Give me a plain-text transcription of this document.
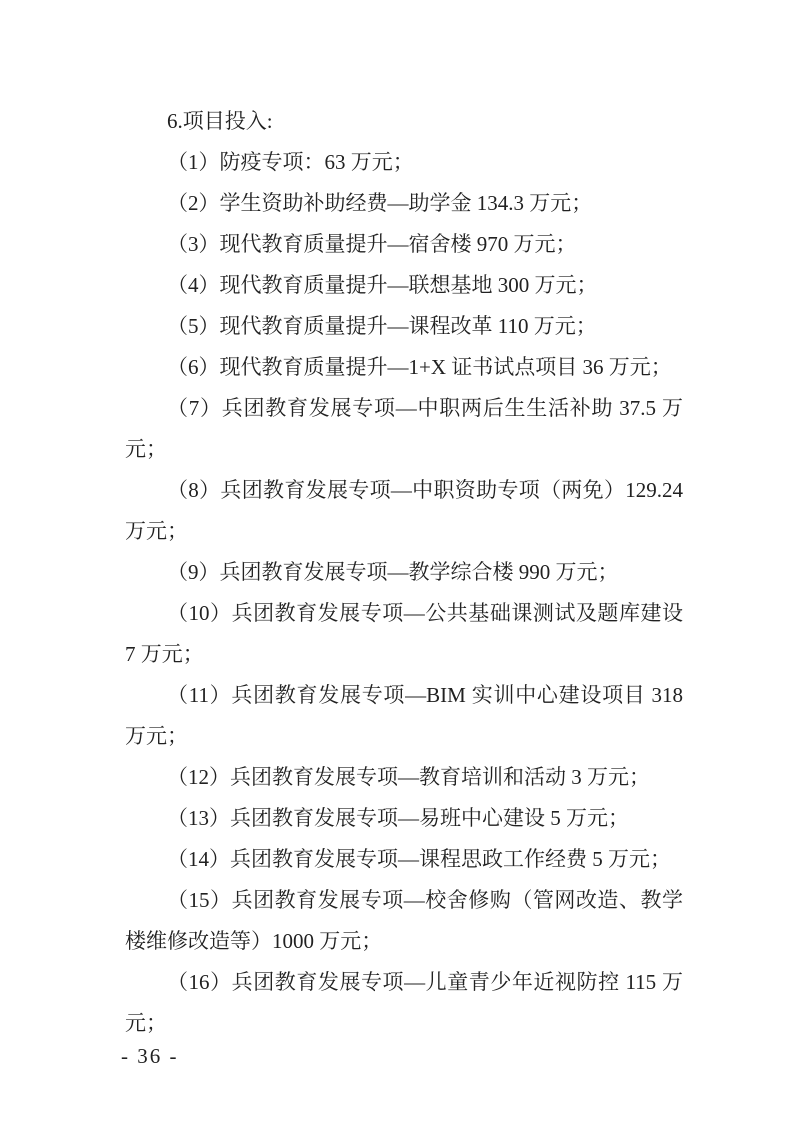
6.项目投入:

（1）防疫专项：63 万元；

（2）学生资助补助经费—助学金 134.3 万元；

（3）现代教育质量提升—宿舍楼 970 万元；

（4）现代教育质量提升—联想基地 300 万元；

（5）现代教育质量提升—课程改革 110 万元；

（6）现代教育质量提升—1+X 证书试点项目 36 万元；

（7）兵团教育发展专项—中职两后生生活补助 37.5 万元；

（8）兵团教育发展专项—中职资助专项（两免）129.24 万元；

（9）兵团教育发展专项—教学综合楼 990 万元；

（10）兵团教育发展专项—公共基础课测试及题库建设 7 万元；

（11）兵团教育发展专项—BIM 实训中心建设项目 318 万元；

（12）兵团教育发展专项—教育培训和活动 3 万元；

（13）兵团教育发展专项—易班中心建设 5 万元；

（14）兵团教育发展专项—课程思政工作经费 5 万元；

（15）兵团教育发展专项—校舍修购（管网改造、教学楼维修改造等）1000 万元；

（16）兵团教育发展专项—儿童青少年近视防控 115 万元；

- 36 -
